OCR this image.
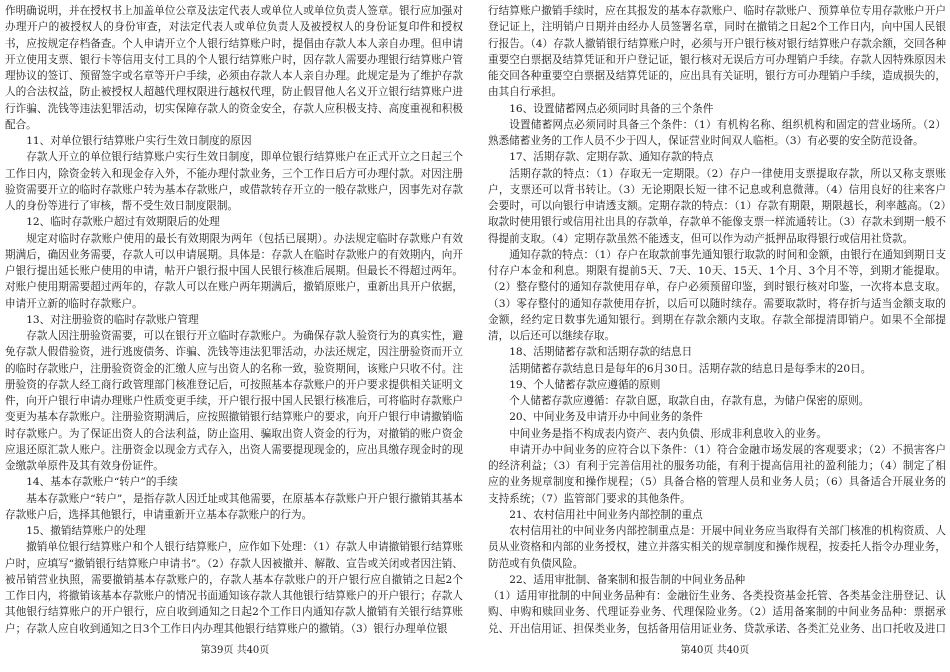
作明确说明，并在授权书上加盖单位公章及法定代表人或单位人或单位负责人签章。银行应加强对办理开户的被授权人的身份审查，对法定代表人或单位负责人及被授权人的身份证复印件和授权书，应按规定存档备查。个人申请开立个人银行结算账户时，提倡由存款人本人亲自办理。但申请开立使用支票、银行卡等信用支付工具的个人银行结算账户时，因存款人需要办理银行结算账户管理协议的签订、预留签字或名章等开户手续，必须由存款人本人亲自办理。此规定是为了维护存款人的合法权益，防止被授权人超越代理权限进行越权代理，防止假冒他人名义开立银行结算账户进行诈骗、洗钱等违法犯罪活动，切实保障存款人的资金安全，存款人应积极支持、高度重视和积极配合。

11、对单位银行结算账户实行生效日制度的原因

存款人开立的单位银行结算账户实行生效日制度，即单位银行结算账户在正式开立之日起三个工作日内，除资金转入和现金存入外，不能办理付款业务，三个工作日后方可办理付款。对因注册验资需要开立的临时存款账户转为基本存款账户，或借款转存开立的一般存款账户，因事先对存款人的身份等进行了审核，帮不受生效日制度限制。

12、临时存款账户超过有效期限后的处理

规定对临时存款账户使用的最长有效期限为两年（包括已展期）。办法规定临时存款账户有效期满后，确因业务需要，存款人可以申请展期。具体是：存款人在临时存款账户的有效期内，向开户银行提出延长账户使用的申请，帖开户银行报中国人民银行核准后展期。但最长不得超过两年。对账户使用期需要超过两年的，存款人可以在账户两年期满后，撤销原账户，重新出具开户依据，申请开立新的临时存款账户。

13、对注册验资的临时存款账户管理

存款人因注册验资需要，可以在银行开立临时存款账户。为确保存款人验资行为的真实性，避免存款人假借验资，进行逃废债务、诈骗、洗钱等违法犯罪活动，办法还规定，因注册验资而开立的临时存款账户，注册验资资金的汇缴人应与出资人的名称一致，验资期间，该账户只收不付。注册验资的存款人经工商行政管理部门核准登记后，可按照基本存款账户的开户要求提供相关证明文件，向开户银行申请办理账户性质变更手续，开户银行报中国人民银行核准后，可将临时存款账户变更为基本存款账户。注册验资期满后，应按照撤销银行结算账户的要求，向开户银行申请撤销临时存款账户。为了保证出资人的合法利益，防止盗用、骗取出资人资金的行为，对撤销的账户资金应退还原汇款人账户。注册资金以现金方式存入，出资人需要提现现金的，应出具缴存现金时的现金缴款单原件及其有效身份证件。

14、基本存款账户“转户”的手续

基本存款账户“转户”，是指存款人因迁址或其他需要，在原基本存款账户开户银行撤销其基本存款账户后，选择其他银行，申请重新开立基本存款账户的行为。

15、撤销结算账户的处理

撤销单位银行结算账户和个人银行结算账户，应作如下处理：（1）存款人申请撤销银行结算账户时，应填写“撤销银行结算账户申请书”。（2）存款人因被撤并、解散、宣告或关闭或者因注销、被吊销营业执照，需要撤销基本存款账户的，存款人基本存款账户的开户银行应自撤销之日起2个工作日内，将撤销该基本存款账户的情况书面通知该存款人其他银行结算账户的开户银行；存款人其他银行结算账户的开户银行，应自收到通知之日起2个工作日内通知存款人撤销有关银行结算账户；存款人应自收到通知之日3个工作日内办理其他银行结算账户的撤销。（3）银行办理单位银

行结算账户撤销手续时，应在其报发的基本存款账户、临时存款账户、预算单位专用存款账户开户登记证上，注明销户日期并由经办人员签署名章，同时在撤销之日起2个工作日内，向中国人民银行报告。（4）存款人撤销银行结算账户时，必须与开户银行核对银行结算账户存款余额，交回各种重要空白票据及结算凭证和开户登记证，银行核对无误后方可办理销户手续。存款人因特殊原因未能交回各种重要空白票据及结算凭证的，应出具有关证明，银行方可办理销户手续，造成损失的，由其自行承担。

16、设置储蓄网点必须同时具备的三个条件

设置储蓄网点必须同时具备三个条件：（1）有机构名称、组织机构和固定的营业场所。（2）熟悉储蓄业务的工作人员不少于四人，保证营业时间双人临柜。（3）有必要的安全防范设备。

17、活期存款、定期存款、通知存款的特点

活期存款的特点：（1）存取无一定期限。（2）存户一律使用支票提取存款，所以又称支票账户，支票还可以背书转让。（3）无论期限长短一律不记息或利息微薄。（4）信用良好的往来客户会要时，可以向银行申请透支额。定期存款的特点：（1）存款有期限，期限越长，利率越高。（2）取款时使用银行或信用社出具的存款单，存款单不能像支票一样流通转让。（3）存款未到期一般不得提前支取。（4）定期存款虽然不能透支，但可以作为动产抵押品取得银行或信用社贷款。

通知存款的特点：（1）存户在取款前事先通知银行取款的时间和金额，由银行在通知到期日支付存户本金和利息。期限有提前5天、7天、10天、15天、1个月、3个月不等，到期才能提取。（2）整存整付的通知存款使用存单，存户必须预留印鉴，到时银行核对印鉴，一次将本息支取。（3）零存整付的通知存款使用存折，以后可以随时续存。需要取款时，将存折与适当金额支取的金额，经约定日数事先通知银行。到期在存款余额内支取。存款全部提清即销户。如果不全部提清，以后还可以继续存取。

18、活期储蓄存款和活期存款的结息日

活期储蓄存款结息日是每年的6月30日。活期存款的结息日是每季末的20日。

19、个人储蓄存款应遵循的原则

个人储蓄存款应遵循：存款自愿，取款自由，存款有息，为储户保密的原则。

20、中间业务及申请开办中间业务的条件

中间业务是指不构成表内资产、表内负债、形成非利息收入的业务。

申请开办中间业务的应符合以下条件：（1）符合金融市场发展的客观要求；（2）不损害客户的经济利益；（3）有利于完善信用社的服务功能，有利于提高信用社的盈利能力；（4）制定了相应的业务规章制度和操作规程；（5）具备合格的管理人员和业务人员；（6）具备适合开展业务的支持系统；（7）监管部门要求的其他条件。

21、农村信用社中间业务内部控制的重点

农村信用社的中间业务内部控制重点是：开展中间业务应当取得有关部门核准的机构资质、人员从业资格和内部的业务授权，建立并落实相关的规章制度和操作规程，按委托人指令办理业务，防范或有负债风险。

22、适用审批制、备案制和报告制的中间业务品种

（1）适用审批制的中间业务品种有：金融衍生业务、各类投资基金托管、各类基金注册登记、认购、申购和赎回业务、代理证券业务、代理保险业务。（2）适用备案制的中间业务品种：票据承兑、开出信用证、担保类业务，包括备用信用证业务、贷款承诺、各类汇兑业务、出口托收及进口

第39页 共40页	第40页 共40页
